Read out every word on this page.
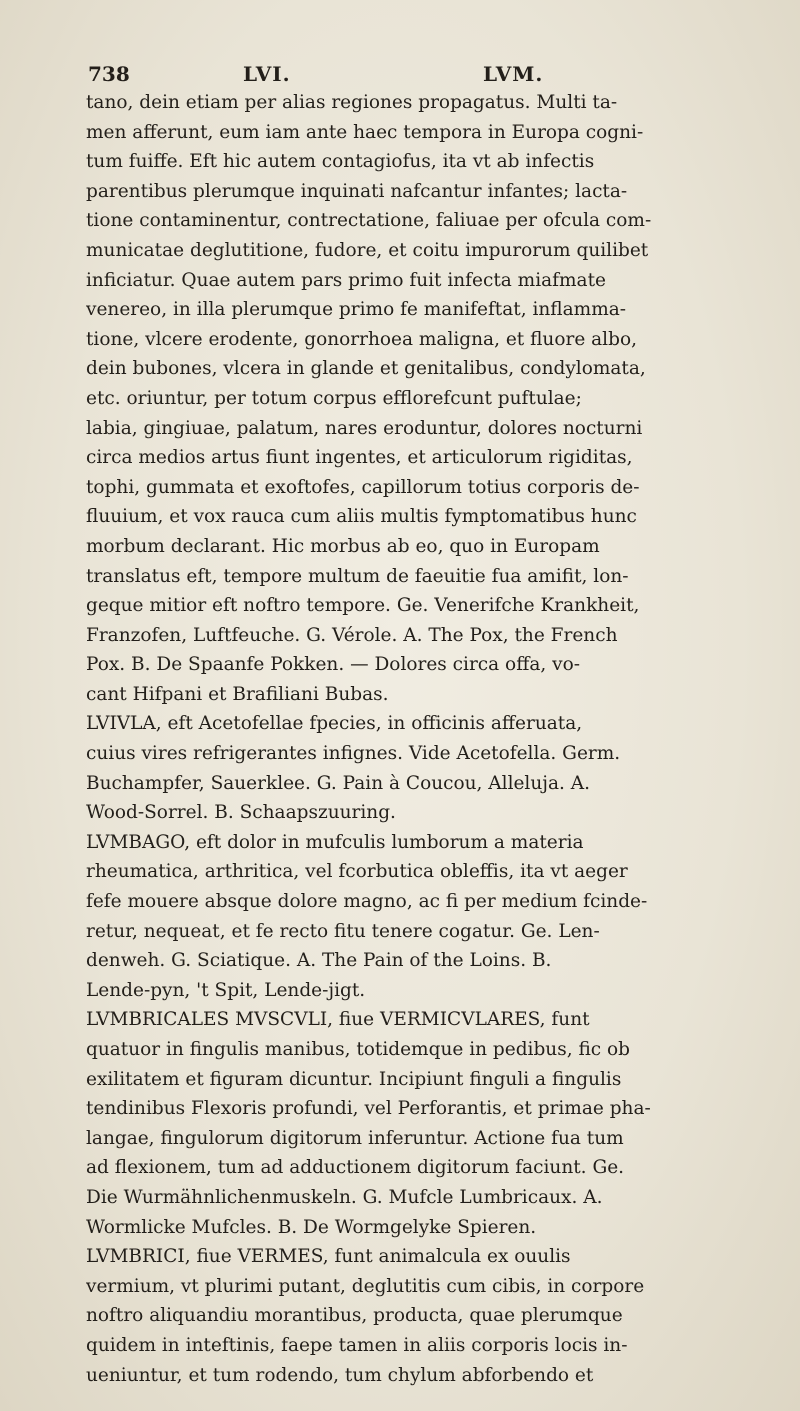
738	LVI.	LVM.
tano, dein etiam per alias regiones propagatus. Multi ta-
men afferunt, eum iam ante haec tempora in Europa cogni-
tum fuiffe. Eft hic autem contagiofus, ita vt ab infectis
parentibus plerumque inquinati nafcantur infantes; lacta-
tione contaminentur, contrectatione, faliuae per ofcula com-
municatae deglutitione, fudore, et coitu impurorum quilibet
inficiatur. Quae autem pars primo fuit infecta miafmate
venereo, in illa plerumque primo fe manifeftat, inflamma-
tione, vlcere erodente, gonorrhoea maligna, et fluore albo,
dein bubones, vlcera in glande et genitalibus, condylomata,
etc. oriuntur, per totum corpus efflorefcunt puftulae;
labia, gingiuae, palatum, nares eroduntur, dolores nocturni
circa medios artus fiunt ingentes, et articulorum rigiditas,
tophi, gummata et exoftofes, capillorum totius corporis de-
fluuium, et vox rauca cum aliis multis fymptomatibus hunc
morbum declarant. Hic morbus ab eo, quo in Europam
translatus eft, tempore multum de faeuitie fua amifit, lon-
geque mitior eft noftro tempore. Ge. Venerifche Krankheit,
Franzofen, Luftfeuche. G. Vérole. A. The Pox, the French
Pox. B. De Spaanfe Pokken. — Dolores circa offa, vo-
cant Hifpani et Brafiliani Bubas.
LVIVLA, eft Acetofellae fpecies, in officinis afferuata,
cuius vires refrigerantes infignes. Vide Acetofella. Germ.
Buchampfer, Sauerklee. G. Pain à Coucou, Alleluja. A.
Wood-Sorrel. B. Schaapszuuring.
LVMBAGO, eft dolor in mufculis lumborum a materia
rheumatica, arthritica, vel fcorbutica obleffis, ita vt aeger
fefe mouere absque dolore magno, ac fi per medium fcinde-
retur, nequeat, et fe recto fitu tenere cogatur. Ge. Len-
denweh. G. Sciatique. A. The Pain of the Loins. B.
Lende-pyn, 't Spit, Lende-jigt.
LVMBRICALES MVSCVLI, fiue VERMICVLARES, funt
quatuor in fingulis manibus, totidemque in pedibus, fic ob
exilitatem et figuram dicuntur. Incipiunt finguli a fingulis
tendinibus Flexoris profundi, vel Perforantis, et primae pha-
langae, fingulorum digitorum inferuntur. Actione fua tum
ad flexionem, tum ad adductionem digitorum faciunt. Ge.
Die Wurmähnlichenmuskeln. G. Mufcle Lumbricaux. A.
Wormlicke Mufcles. B. De Wormgelyke Spieren.
LVMBRICI, fiue VERMES, funt animalcula ex ouulis
vermium, vt plurimi putant, deglutitis cum cibis, in corpore
noftro aliquandiu morantibus, producta, quae plerumque
quidem in inteftinis, faepe tamen in aliis corporis locis in-
ueniuntur, et tum rodendo, tum chylum abforbendo et
